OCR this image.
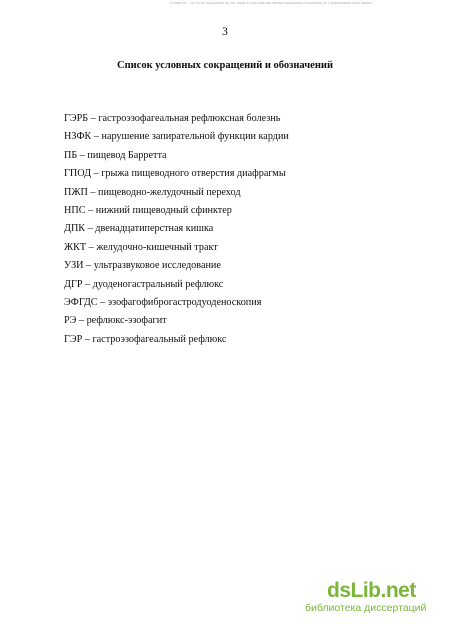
171055 58 .. 1K ПЛ:ПА 2СЕ200000 ЭС ОК 10000 Т0 РОЗ МИПИ0 ЭФГДИ 2СЕ0200014 0ОЧИ0МА0 № Т 10000000000 0016 000004
3
Список условных сокращений и обозначений
ГЭРБ – гастроэзофагеальная рефлюксная болезнь
НЗФК – нарушение запирательной функции кардии
ПБ – пищевод Барретта
ГПОД – грыжа пищеводного отверстия диафрагмы
ПЖП – пищеводно-желудочный переход
НПС – нижний пищеводный сфинктер
ДПК – двенадцатиперстная кишка
ЖКТ – желудочно-кишечный тракт
УЗИ – ультразвуковое исследование
ДГР – дуоденогастральный рефлюкс
ЭФГДС – эзофагофиброгастродуоденоскопия
РЭ – рефлюкс-эзофагит
ГЭР – гастроэзофагеальный рефлюкс
dsLib.net
библиотека диссертаций
